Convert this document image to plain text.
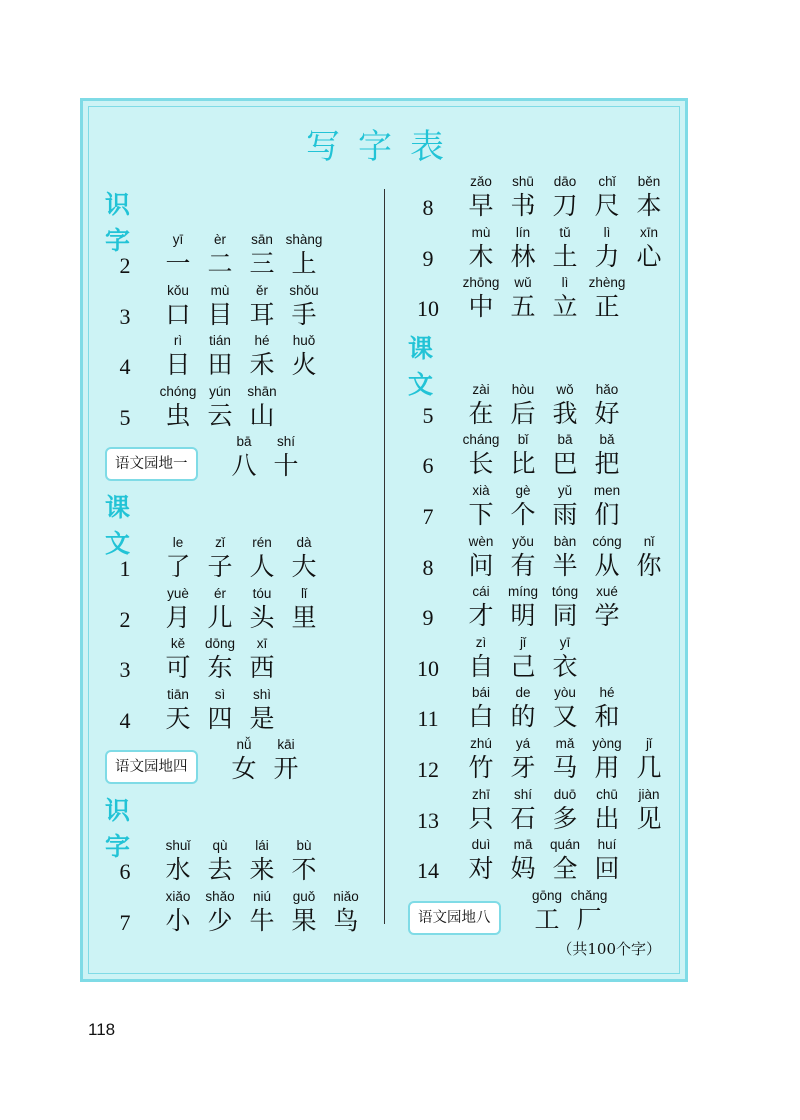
写字表
识字
2
yī
一
èr
二
sān
三
shàng
上
3
kǒu
口
mù
目
ěr
耳
shǒu
手
4
rì
日
tián
田
hé
禾
huǒ
火
5
chóng
虫
yún
云
shān
山
语文园地一
bā
八
shí
十
课文
1
le
了
zǐ
子
rén
人
dà
大
2
yuè
月
ér
儿
tóu
头
lǐ
里
3
kě
可
dōng
东
xī
西
4
tiān
天
sì
四
shì
是
语文园地四
nǚ
女
kāi
开
识字
6
shuǐ
水
qù
去
lái
来
bù
不
7
xiǎo
小
shǎo
少
niú
牛
guǒ
果
niǎo
鸟
8
zǎo
早
shū
书
dāo
刀
chǐ
尺
běn
本
9
mù
木
lín
林
tǔ
土
lì
力
xīn
心
10
zhōng
中
wǔ
五
lì
立
zhèng
正
课文
5
zài
在
hòu
后
wǒ
我
hǎo
好
6
cháng
长
bǐ
比
bā
巴
bǎ
把
7
xià
下
gè
个
yǔ
雨
men
们
8
wèn
问
yǒu
有
bàn
半
cóng
从
nǐ
你
9
cái
才
míng
明
tóng
同
xué
学
10
zì
自
jǐ
己
yī
衣
11
bái
白
de
的
yòu
又
hé
和
12
zhú
竹
yá
牙
mǎ
马
yòng
用
jǐ
几
13
zhī
只
shí
石
duō
多
chū
出
jiàn
见
14
duì
对
mā
妈
quán
全
huí
回
语文园地八
gōng
工
chǎng
厂
（共100个字）
118
